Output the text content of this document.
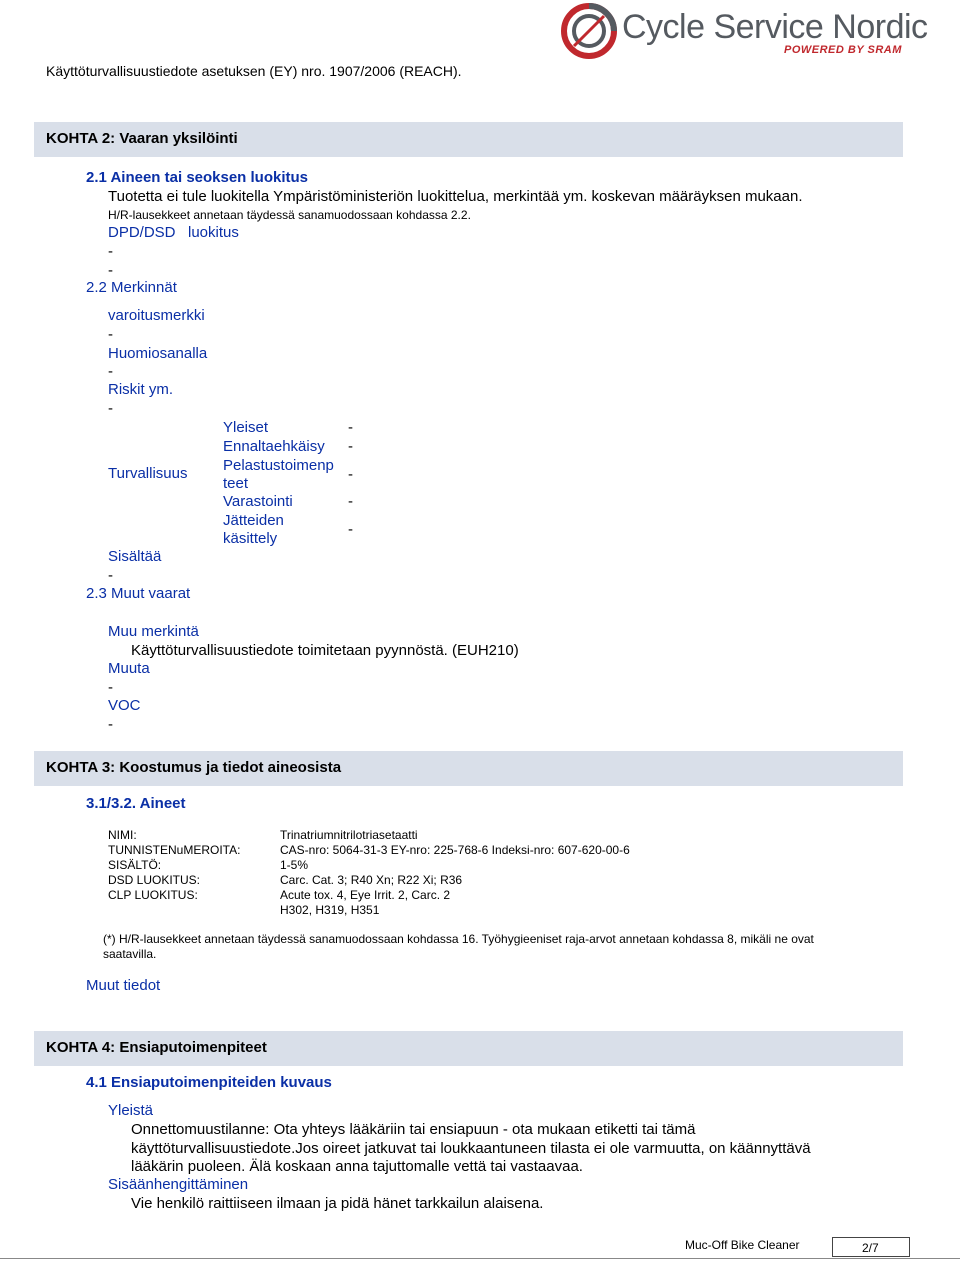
Käyttöturvallisuustiedote asetuksen (EY) nro. 1907/2006 (REACH).
Cycle Service Nordic
POWERED BY SRAM
KOHTA 2: Vaaran yksilöinti
2.1 Aineen tai seoksen luokitus
Tuotetta ei tule luokitella Ympäristöministeriön luokittelua, merkintää ym. koskevan määräyksen mukaan.
H/R-lausekkeet annetaan täydessä sanamuodossaan kohdassa 2.2.
DPD/DSD luokitus
-
-
2.2 Merkinnät
varoitusmerkki
-
Huomiosanalla
-
Riskit ym.
-
Turvallisuus
Yleiset	-
Ennaltaehkäisy -
Pelastustoimenp teet
-
Varastointi	-
Jätteiden käsittely
-
Sisältää
-
2.3 Muut vaarat
Muu merkintä
Käyttöturvallisuustiedote toimitetaan pyynnöstä. (EUH210)
Muuta
-
VOC
-
KOHTA 3: Koostumus ja tiedot aineosista
3.1/3.2. Aineet
NIMI:	Trinatriumnitrilotriasetaatti
TUNNISTENuMEROITA:	CAS-nro: 5064-31-3 EY-nro: 225-768-6 Indeksi-nro: 607-620-00-6
SISÄLTÖ:	1-5%
DSD LUOKITUS:	Carc. Cat. 3; R40 Xn; R22 Xi; R36
CLP LUOKITUS:	Acute tox. 4, Eye Irrit. 2, Carc. 2
H302, H319, H351
(*) H/R-lausekkeet annetaan täydessä sanamuodossaan kohdassa 16. Työhygieeniset raja-arvot annetaan kohdassa 8, mikäli ne ovat
saatavilla.
Muut tiedot
KOHTA 4: Ensiaputoimenpiteet
4.1 Ensiaputoimenpiteiden kuvaus
Yleistä
Onnettomuustilanne: Ota yhteys lääkäriin tai ensiapuun - ota mukaan etiketti tai tämä
käyttöturvallisuustiedote.Jos oireet jatkuvat tai loukkaantuneen tilasta ei ole varmuutta, on käännyttävä
lääkärin puoleen. Älä koskaan anna tajuttomalle vettä tai vastaavaa.
Sisäänhengittäminen
Vie henkilö raittiiseen ilmaan ja pidä hänet tarkkailun alaisena.
Muc-Off Bike Cleaner	2/7
